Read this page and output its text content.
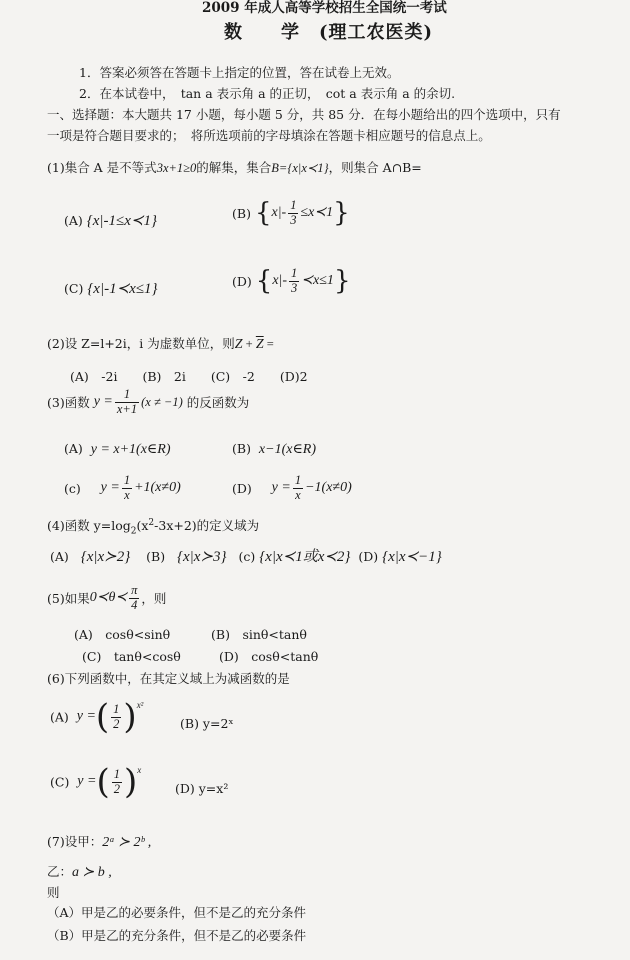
2009 年成人高等学校招生全国统一考试
数　　学　(理工农医类)
1．答案必须答在答题卡上指定的位置，答在试卷上无效。
2．在本试卷中，　tan a 表示角 a 的正切，　cot a 表示角 a 的余切.
一、选择题：本大题共 17 小题，每小题 5 分，共 85 分．在每小题给出的四个选项中，只有
一项是符合题目要求的；　将所选项前的字母填涂在答题卡相应题号的信息点上。
(1)集合 A 是不等式3x+1≥0的解集，集合B={x|x≺1}，则集合 A∩B=
(A) {x|-1≤x≺1}	(B) {$x|- \frac{1}{3}$ ≤x≺1}
(C) {x|-1≺x≤1}	(D) {$x|- \frac{1}{3}$ ≺x≤1}
(2)设 Z=l+2i，i 为虚数单位，则$Z + \overline{Z}$ =
(A)　-2i　　(B)　2i　　(C)　-2　　(D)2
(3)函数 $y = \frac{1}{x+1} (x \ne -1)$ 的反函数为
(A) y = x+1(x∈R)	(B) x−1(x∈R)
(c) $y = \frac{1}{x} +1(x\ne 0)$	(D) $y = \frac{1}{x} -1(x\ne 0)$
(4)函数 $y=\log_2(x^2-3x+2)$的定义域为
(A) {x|x≻2} (B) {x|x≻3} (c) {x|x≺1或x≺2} (D) {x|x≺−1}
(5)如果0≺θ≺ $\frac{\pi}{4}$ ，则
(A)　cosθ<sinθ	(B)　sinθ<tanθ
(C)　tanθ<cosθ	(D)　cosθ<tanθ
(6)下列函数中，在其定义域上为减函数的是
(A) y =( $\frac{1}{2} )^{x^2}$
(B) y=2ˣ
(C) y =( $\frac{1}{2} )^x$
(D) y=x²
(7)设甲：2ᵃ ≻ 2ᵇ ,
乙：a ≻ b ,
则
（A）甲是乙的必要条件，但不是乙的充分条件
（B）甲是乙的充分条件，但不是乙的必要条件
